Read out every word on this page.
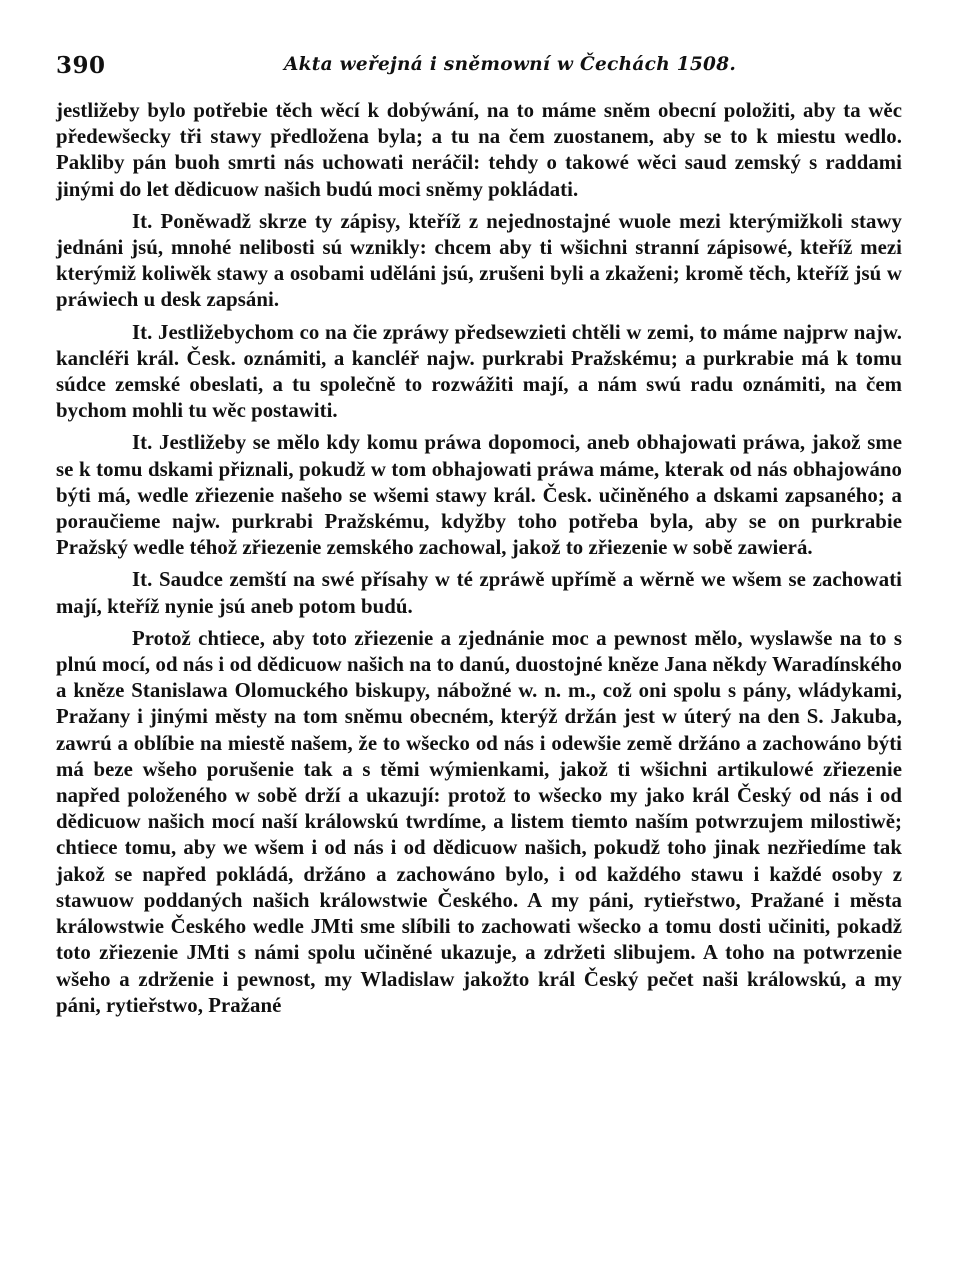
390	Akta weřejná i sněmowní w Čechách 1508.

jestližeby bylo potřebie těch wěcí k dobýwání, na to máme sněm obecní položiti, aby ta wěc předewšecky tři stawy předložena byla; a tu na čem zuostanem, aby se to k miestu wedlo. Pakliby pán buoh smrti nás uchowati neráčil: tehdy o takowé wěci saud zemský s raddami jinými do let dědicuow našich budú moci sněmy pokládati.

It. Poněwadž skrze ty zápisy, kteříž z nejednostajné wuole mezi kterýmižkoli stawy jednáni jsú, mnohé nelibosti sú wznikly: chcem aby ti wšichni stranní zápisowé, kteříž mezi kterýmiž koliwěk stawy a osobami uděláni jsú, zrušeni byli a zkaženi; kromě těch, kteříž jsú w práwiech u desk zapsáni.

It. Jestližebychom co na čie zpráwy předsewzieti chtěli w zemi, to máme najprw najw. kancléři král. Česk. oznámiti, a kancléř najw. purkrabi Pražskému; a purkrabie má k tomu súdce zemské obeslati, a tu společně to rozwážiti mají, a nám swú radu oznámiti, na čem bychom mohli tu wěc postawiti.

It. Jestližeby se mělo kdy komu práwa dopomoci, aneb obhajowati práwa, jakož sme se k tomu dskami přiznali, pokudž w tom obhajowati práwa máme, kterak od nás obhajowáno býti má, wedle zřiezenie našeho se wšemi stawy král. Česk. učiněného a dskami zapsaného; a poraučieme najw. purkrabi Pražskému, kdyžby toho potřeba byla, aby se on purkrabie Pražský wedle téhož zřiezenie zemského zachowal, jakož to zřiezenie w sobě zawierá.

It. Saudce zemští na swé přísahy w té zpráwě upřímě a wěrně we wšem se zachowati mají, kteříž nynie jsú aneb potom budú.

Protož chtiece, aby toto zřiezenie a zjednánie moc a pewnost mělo, wyslawše na to s plnú mocí, od nás i od dědicuow našich na to danú, duostojné kněze Jana někdy Waradínského a kněze Stanislawa Olomuckého biskupy, nábožné w. n. m., což oni spolu s pány, wládykami, Pražany i jinými městy na tom sněmu obecném, kterýž držán jest w úterý na den S. Jakuba, zawrú a oblíbie na miestě našem, že to wšecko od nás i odewšie země držáno a zachowáno býti má beze wšeho porušenie tak a s těmi wýmienkami, jakož ti wšichni artikulowé zřiezenie napřed položeného w sobě drží a ukazují: protož to wšecko my jako král Český od nás i od dědicuow našich mocí naší králowskú twrdíme, a listem tiemto naším potwrzujem milostiwě; chtiece tomu, aby we wšem i od nás i od dědicuow našich, pokudž toho jinak nezřiedíme tak jakož se napřed pokládá, držáno a zachowáno bylo, i od každého stawu i každé osoby z stawuow poddaných našich králowstwie Českého. A my páni, rytieřstwo, Pražané i města králowstwie Českého wedle JMti sme slíbili to zachowati wšecko a tomu dosti učiniti, pokadž toto zřiezenie JMti s námi spolu učiněné ukazuje, a zdržeti slibujem. A toho na potwrzenie wšeho a zdrženie i pewnost, my Wladislaw jakožto král Český pečet naši králowskú, a my páni, rytieřstwo, Pražané
